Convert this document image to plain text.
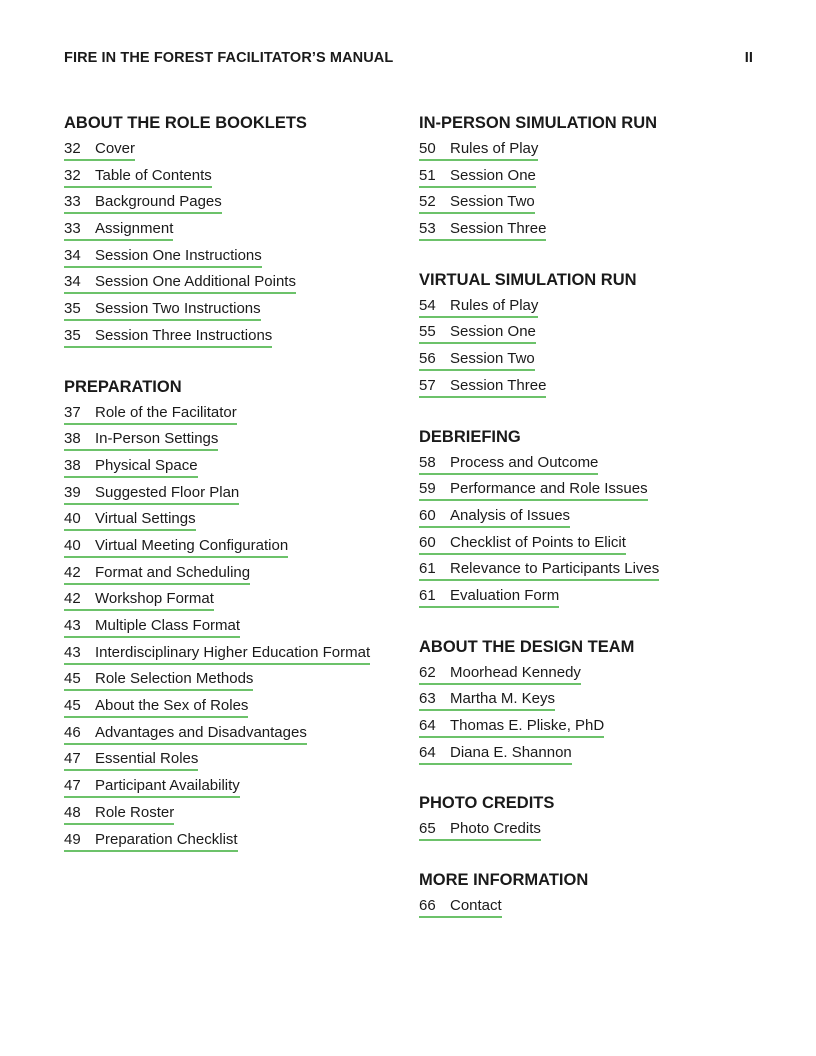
FIRE IN THE FOREST FACILITATOR’S MANUAL	II
ABOUT THE ROLE BOOKLETS
32 Cover
32 Table of Contents
33 Background Pages
33 Assignment
34 Session One Instructions
34 Session One Additional Points
35 Session Two Instructions
35 Session Three Instructions
PREPARATION
37 Role of the Facilitator
38 In-Person Settings
38 Physical Space
39 Suggested Floor Plan
40 Virtual Settings
40 Virtual Meeting Configuration
42 Format and Scheduling
42 Workshop Format
43 Multiple Class Format
43 Interdisciplinary Higher Education Format
45 Role Selection Methods
45 About the Sex of Roles
46 Advantages and Disadvantages
47 Essential Roles
47 Participant Availability
48 Role Roster
49 Preparation Checklist
IN-PERSON SIMULATION RUN
50 Rules of Play
51 Session One
52 Session Two
53 Session Three
VIRTUAL SIMULATION RUN
54 Rules of Play
55 Session One
56 Session Two
57 Session Three
DEBRIEFING
58 Process and Outcome
59 Performance and Role Issues
60 Analysis of Issues
60 Checklist of Points to Elicit
61 Relevance to Participants Lives
61 Evaluation Form
ABOUT THE DESIGN TEAM
62 Moorhead Kennedy
63 Martha M. Keys
64 Thomas E. Pliske, PhD
64 Diana E. Shannon
PHOTO CREDITS
65 Photo Credits
MORE INFORMATION
66 Contact
